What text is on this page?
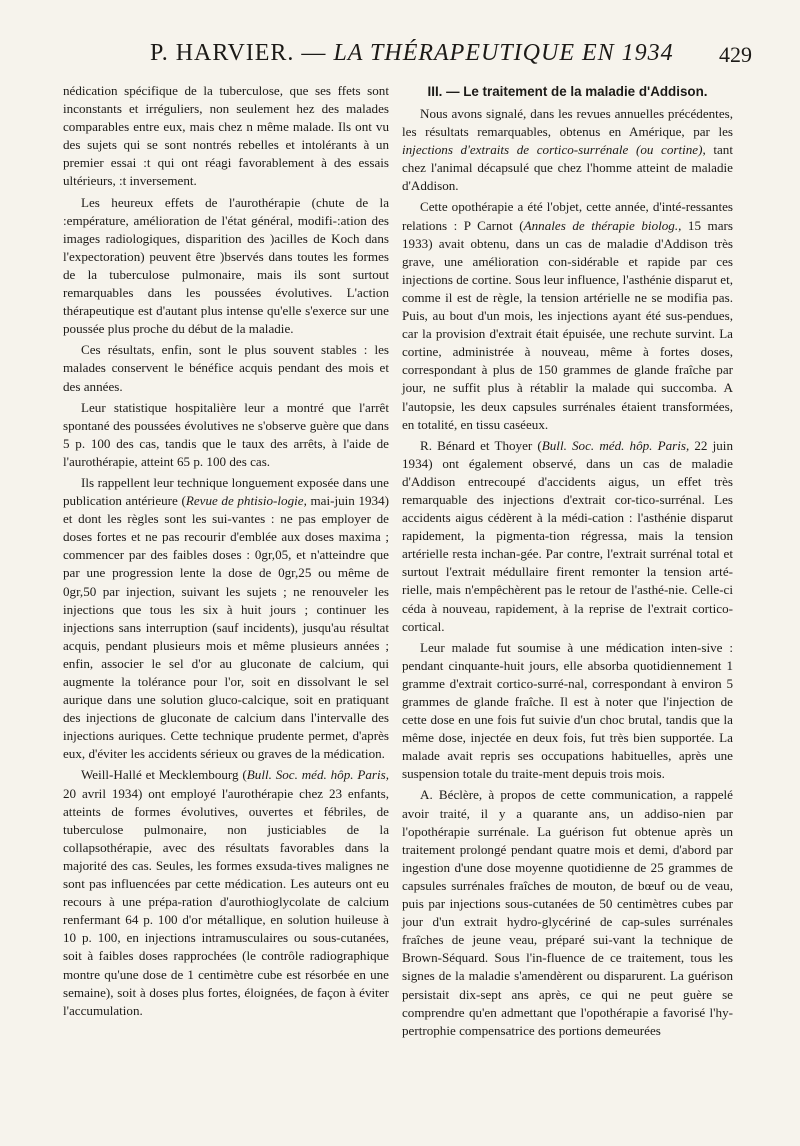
P. HARVIER. — LA THÉRAPEUTIQUE EN 1934 429

nédication spécifique de la tuberculose, que ses ffets sont inconstants et irréguliers, non seulement hez des malades comparables entre eux, mais chez n même malade. Ils ont vu des sujets qui se sont nontrés rebelles et intolérants à un premier essai :t qui ont réagi favorablement à des essais ultérieurs, :t inversement.

Les heureux effets de l'aurothérapie (chute de la :empérature, amélioration de l'état général, modifi-:ation des images radiologiques, disparition des )acilles de Koch dans l'expectoration) peuvent être )bservés dans toutes les formes de la tuberculose pulmonaire, mais ils sont surtout remarquables dans les poussées évolutives. L'action thérapeutique est d'autant plus intense qu'elle s'exerce sur une poussée plus proche du début de la maladie.

Ces résultats, enfin, sont le plus souvent stables : les malades conservent le bénéfice acquis pendant des mois et des années.

Leur statistique hospitalière leur a montré que l'arrêt spontané des poussées évolutives ne s'observe guère que dans 5 p. 100 des cas, tandis que le taux des arrêts, à l'aide de l'aurothérapie, atteint 65 p. 100 des cas.

Ils rappellent leur technique longuement exposée dans une publication antérieure (Revue de phtisio-logie, mai-juin 1934) et dont les règles sont les sui-vantes : ne pas employer de doses fortes et ne pas recourir d'emblée aux doses maxima ; commencer par des faibles doses : 0gr,05, et n'atteindre que par une progression lente la dose de 0gr,25 ou même de 0gr,50 par injection, suivant les sujets ; ne renouveler les injections que tous les six à huit jours ; continuer les injections sans interruption (sauf incidents), jusqu'au résultat acquis, pendant plusieurs mois et même plusieurs années ; enfin, associer le sel d'or au gluconate de calcium, qui augmente la tolérance pour l'or, soit en dissolvant le sel aurique dans une solution gluco-calcique, soit en pratiquant des injections de gluconate de calcium dans l'intervalle des injections auriques. Cette technique prudente permet, d'après eux, d'éviter les accidents sérieux ou graves de la médication.

Weill-Hallé et Mecklembourg (Bull. Soc. méd. hôp. Paris, 20 avril 1934) ont employé l'aurothérapie chez 23 enfants, atteints de formes évolutives, ouvertes et fébriles, de tuberculose pulmonaire, non justiciables de la collapsothérapie, avec des résultats favorables dans la majorité des cas. Seules, les formes exsuda-tives malignes ne sont pas influencées par cette médication. Les auteurs ont eu recours à une prépa-ration d'aurothioglycolate de calcium renfermant 64 p. 100 d'or métallique, en solution huileuse à 10 p. 100, en injections intramusculaires ou sous-cutanées, soit à faibles doses rapprochées (le contrôle radiographique montre qu'une dose de 1 centimètre cube est résorbée en une semaine), soit à doses plus fortes, éloignées, de façon à éviter l'accumulation.

III. — Le traitement de la maladie d'Addison.

Nous avons signalé, dans les revues annuelles précédentes, les résultats remarquables, obtenus en Amérique, par les injections d'extraits de cortico-surrénale (ou cortine), tant chez l'animal décapsulé que chez l'homme atteint de maladie d'Addison.

Cette opothérapie a été l'objet, cette année, d'inté-ressantes relations : P Carnot (Annales de thérapie biolog., 15 mars 1933) avait obtenu, dans un cas de maladie d'Addison très grave, une amélioration con-sidérable et rapide par ces injections de cortine. Sous leur influence, l'asthénie disparut et, comme il est de règle, la tension artérielle ne se modifia pas. Puis, au bout d'un mois, les injections ayant été sus-pendues, car la provision d'extrait était épuisée, une rechute survint. La cortine, administrée à nouveau, même à fortes doses, correspondant à plus de 150 grammes de glande fraîche par jour, ne suffit plus à rétablir la malade qui succomba. A l'autopsie, les deux capsules surrénales étaient transformées, en totalité, en tissu caséeux.

R. Bénard et Thoyer (Bull. Soc. méd. hôp. Paris, 22 juin 1934) ont également observé, dans un cas de maladie d'Addison entrecoupé d'accidents aigus, un effet très remarquable des injections d'extrait cor-tico-surrénal. Les accidents aigus cédèrent à la médi-cation : l'asthénie disparut rapidement, la pigmenta-tion régressa, mais la tension artérielle resta inchan-gée. Par contre, l'extrait surrénal total et surtout l'extrait médullaire firent remonter la tension arté-rielle, mais n'empêchèrent pas le retour de l'asthé-nie. Celle-ci céda à nouveau, rapidement, à la reprise de l'extrait cortico-cortical.

Leur malade fut soumise à une médication inten-sive : pendant cinquante-huit jours, elle absorba quotidiennement 1 gramme d'extrait cortico-surré-nal, correspondant à environ 5 grammes de glande fraîche. Il est à noter que l'injection de cette dose en une fois fut suivie d'un choc brutal, tandis que la même dose, injectée en deux fois, fut très bien supportée. La malade avait repris ses occupations habituelles, après une suspension totale du traite-ment depuis trois mois.

A. Béclère, à propos de cette communication, a rappelé avoir traité, il y a quarante ans, un addiso-nien par l'opothérapie surrénale. La guérison fut obtenue après un traitement prolongé pendant quatre mois et demi, d'abord par ingestion d'une dose moyenne quotidienne de 25 grammes de capsules surrénales fraîches de mouton, de bœuf ou de veau, puis par injections sous-cutanées de 50 centimètres cubes par jour d'un extrait hydro-glycériné de cap-sules surrénales fraîches de jeune veau, préparé sui-vant la technique de Brown-Séquard. Sous l'in-fluence de ce traitement, tous les signes de la maladie s'amendèrent ou disparurent. La guérison persistait dix-sept ans après, ce qui ne peut guère se comprendre qu'en admettant que l'opothérapie a favorisé l'hy-pertrophie compensatrice des portions demeurées
